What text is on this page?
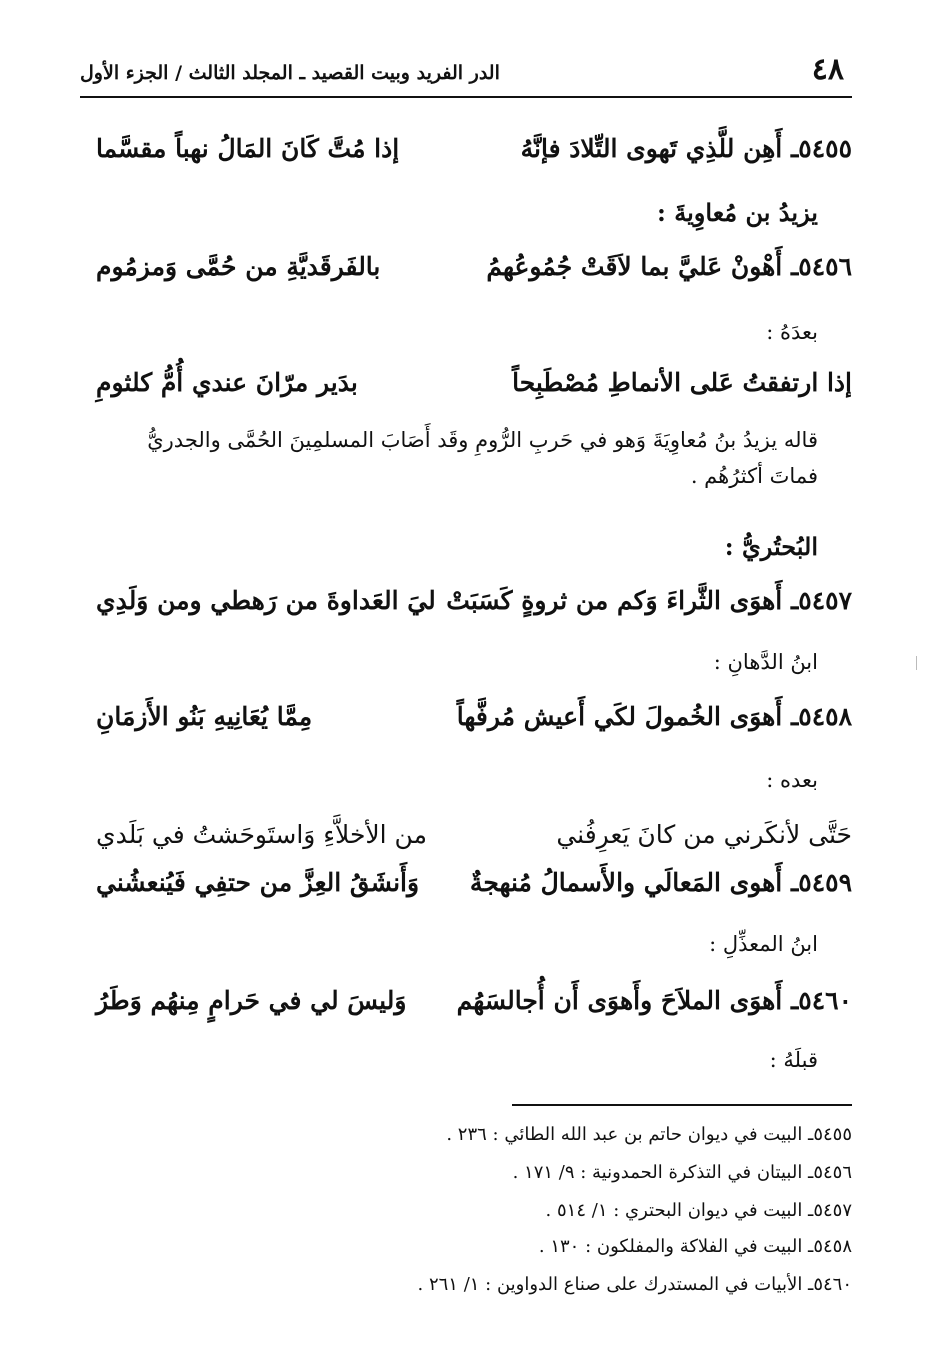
٤٨
الدر الفريد وبيت القصيد ـ المجلد الثالث / الجزء الأول
٥٤٥٥ـ أَهِن للَّذِي تَهوى التِّلادَ فإنَّهُ
إذا مُتَّ كَانَ المَالُ نهباً مقسَّما
يزيدُ بن مُعاوِيةَ :
٥٤٥٦ـ أَهْونْ عَليَّ بما لاَقَتْ جُمُوعُهمُ
بالفَرقَديَّةِ من حُمَّى وَمزمُوم
بعدَهُ :
إذا ارتفقتُ عَلى الأنماطِ مُصْطَبِحاً
بدَير مرّانَ عندي أُمُّ كلثومِ
قاله يزيدُ بنُ مُعاوِيَةَ وَهو في حَربِ الرُّومِ وقَد أَصَابَ المسلمِينَ الحُمَّى والجدريُّ فماتَ أكثرُهُم .
البُحتُريُّ :
٥٤٥٧ـ أَهوَى الثَّراءَ وَكم من ثروةٍ كَسَبَتْ
ليَ العَداوةَ من رَهطي ومن وَلَدِي
ابنُ الدَّهانِ :
٥٤٥٨ـ أَهوَى الخُمولَ لكَي أَعيش مُرفَّهاً
مِمَّا يُعَانِيهِ بَنُو الأَزمَانِ
بعده :
حَتَّى لأنكَرني من كانَ يَعرِفُني
من الأخلاَّءِ وَاستَوحَشتُ في بَلَدي
٥٤٥٩ـ أَهوى المَعالَي والأَسمالُ مُنهجةٌ
وَأَنشَقُ العِزَّ من حتفِي فَيُنعشُني
ابنُ المعذِّلِ :
٥٤٦٠ـ أَهوَى الملاَحَ وأَهوَى أَن أُجالسَهُم
وَليسَ لي في حَرامٍ مِنهُم وَطَرُ
قبلَهُ :
٥٤٥٥ـ البيت في ديوان حاتم بن عبد الله الطائي : ٢٣٦ .
٥٤٥٦ـ البيتان في التذكرة الحمدونية : ٩/ ١٧١ .
٥٤٥٧ـ البيت في ديوان البحتري : ١/ ٥١٤ .
٥٤٥٨ـ البيت في الفلاكة والمفلكون : ١٣٠ .
٥٤٦٠ـ الأبيات في المستدرك على صناع الدواوين : ١/ ٢٦١ .
